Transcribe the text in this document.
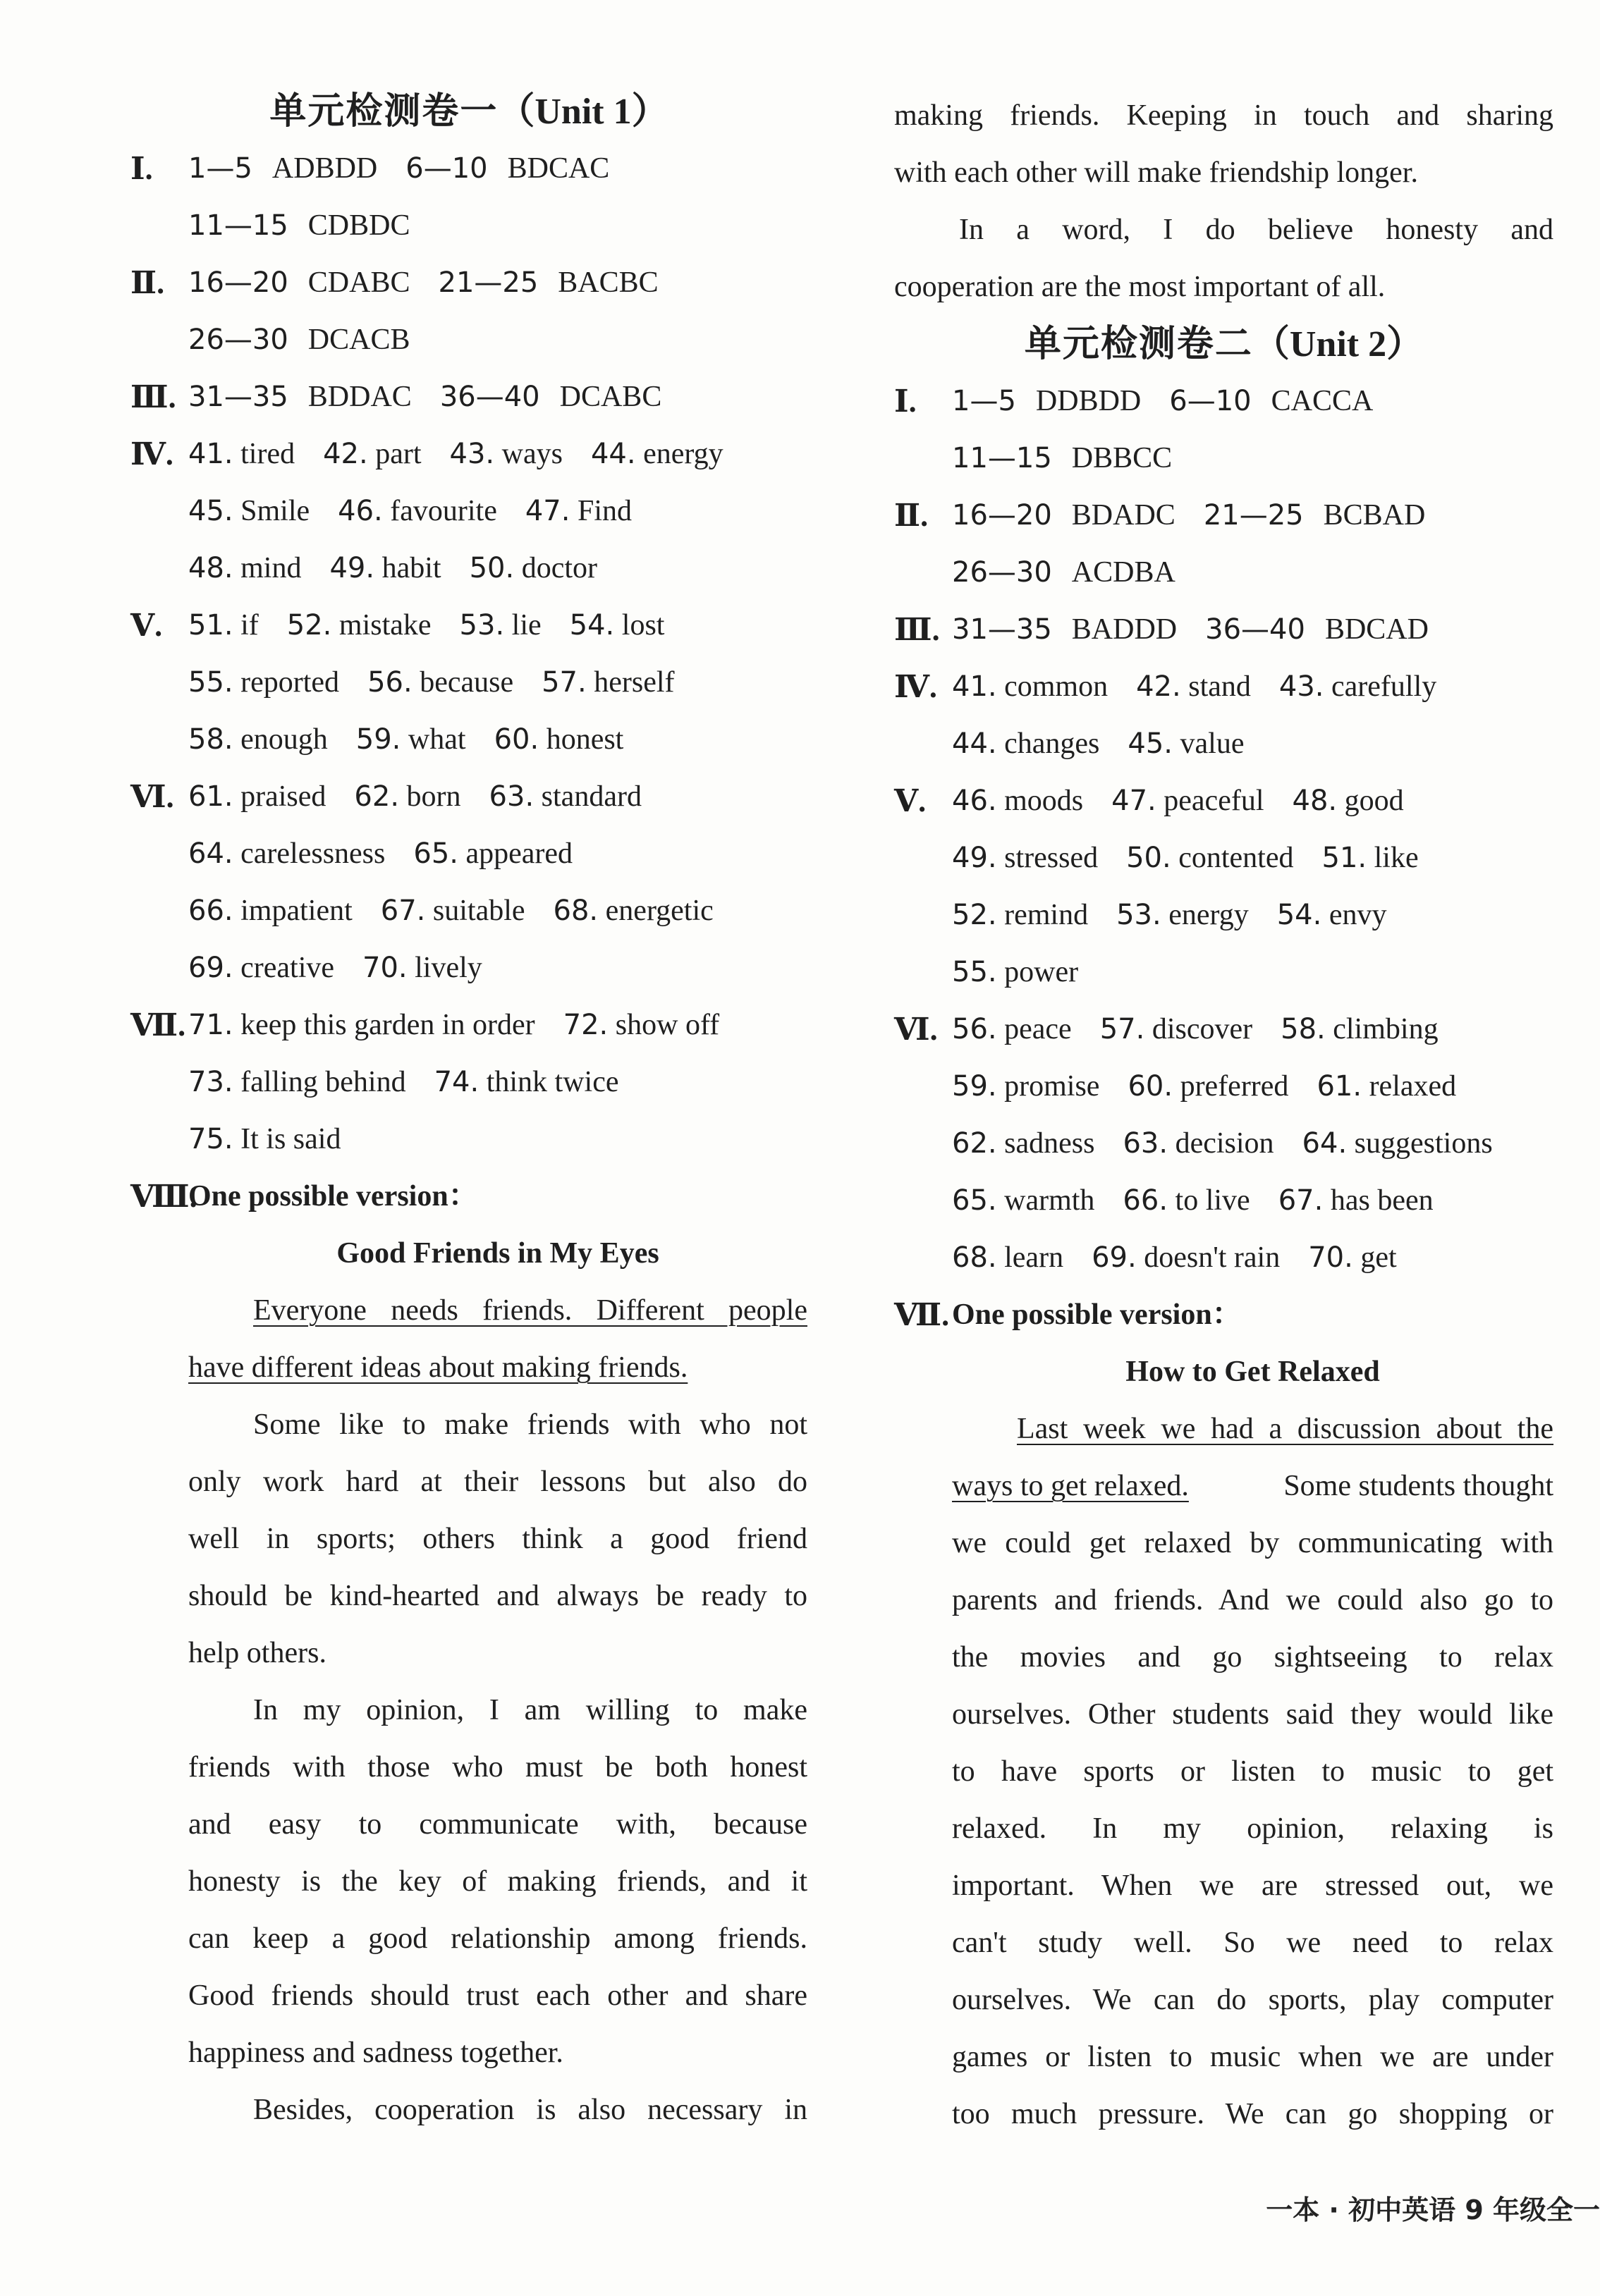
单元检测卷一（Unit 1）
Ⅰ. 1—5 ADBDD 6—10 BDCAC
11—15 CDBDC
Ⅱ. 16—20 CDABC 21—25 BACBC
26—30 DCACB
Ⅲ. 31—35 BDDAC 36—40 DCABC
Ⅳ. 41. tired 42. part 43. ways 44. energy
45. Smile 46. favourite 47. Find
48. mind 49. habit 50. doctor
Ⅴ. 51. if 52. mistake 53. lie 54. lost
55. reported 56. because 57. herself
58. enough 59. what 60. honest
Ⅵ. 61. praised 62. born 63. standard
64. carelessness 65. appeared
66. impatient 67. suitable 68. energetic
69. creative 70. lively
Ⅶ. 71. keep this garden in order 72. show off
73. falling behind 74. think twice
75. It is said
Ⅷ.
One possible version：
Good Friends in My Eyes
Everyone needs friends. Different people
have different ideas about making friends.
Some like to make friends with who not
only work hard at their lessons but also do
well in sports; others think a good friend
should be kind-hearted and always be ready to
help others.
In my opinion, I am willing to make
friends with those who must be both honest
and easy to communicate with, because
honesty is the key of making friends, and it
can keep a good relationship among friends.
Good friends should trust each other and share
happiness and sadness together.
Besides, cooperation is also necessary in
making friends. Keeping in touch and sharing
with each other will make friendship longer.
In a word, I do believe honesty and
cooperation are the most important of all.
单元检测卷二（Unit 2）
Ⅰ. 1—5 DDBDD 6—10 CACCA
11—15 DBBCC
Ⅱ. 16—20 BDADC 21—25 BCBAD
26—30 ACDBA
Ⅲ. 31—35 BADDD 36—40 BDCAD
Ⅳ. 41. common 42. stand 43. carefully
44. changes 45. value
Ⅴ. 46. moods 47. peaceful 48. good
49. stressed 50. contented 51. like
52. remind 53. energy 54. envy
55. power
Ⅵ. 56. peace 57. discover 58. climbing
59. promise 60. preferred 61. relaxed
62. sadness 63. decision 64. suggestions
65. warmth 66. to live 67. has been
68. learn 69. doesn't rain 70. get
Ⅶ. One possible version：
How to Get Relaxed
Last week we had a discussion about the
ways to get relaxed.	Some students thought
we could get relaxed by communicating with
parents and friends. And we could also go to
the movies and go sightseeing to relax
ourselves. Other students said they would like
to have sports or listen to music to get
relaxed. In my opinion, relaxing is
important. When we are stressed out, we
can't study well. So we need to relax
ourselves. We can do sports, play computer
games or listen to music when we are under
too much pressure. We can go shopping or
一本 · 初中英语 9 年级全一
